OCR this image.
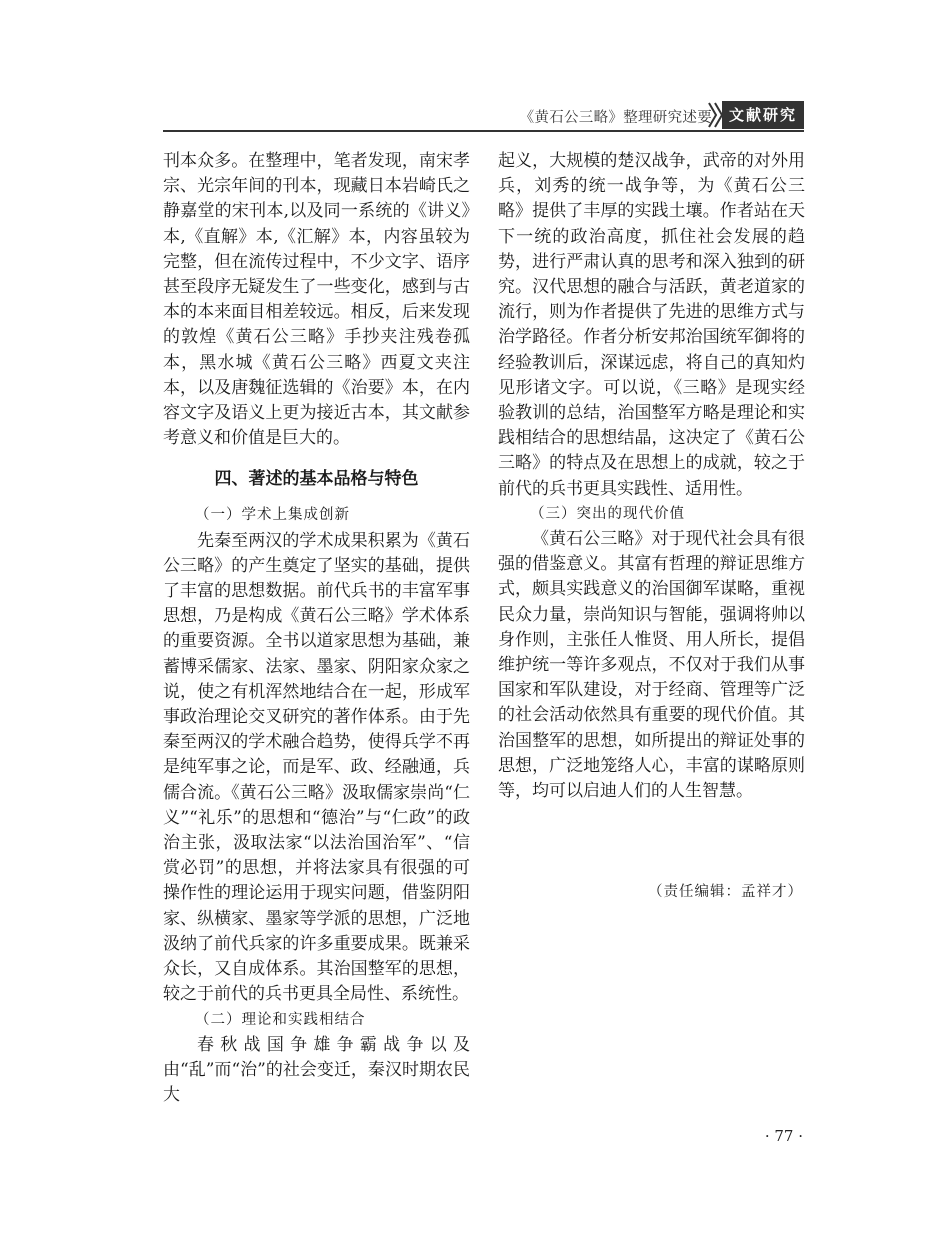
《黄石公三略》整理研究述要	文献研究

刊本众多。在整理中，笔者发现，南宋孝宗、光宗年间的刊本，现藏日本岩崎氏之静嘉堂的宋刊本,以及同一系统的《讲义》本,《直解》本,《汇解》本，内容虽较为完整，但在流传过程中，不少文字、语序甚至段序无疑发生了一些变化，感到与古本的本来面目相差较远。相反，后来发现的敦煌《黄石公三略》手抄夹注残卷孤本，黑水城《黄石公三略》西夏文夹注本，以及唐魏征选辑的《治要》本，在内容文字及语义上更为接近古本，其文献参考意义和价值是巨大的。

四、著述的基本品格与特色
（一）学术上集成创新

先秦至两汉的学术成果积累为《黄石公三略》的产生奠定了坚实的基础，提供了丰富的思想数据。前代兵书的丰富军事思想，乃是构成《黄石公三略》学术体系的重要资源。全书以道家思想为基础，兼蓄博采儒家、法家、墨家、阴阳家众家之说，使之有机浑然地结合在一起，形成军事政治理论交叉研究的著作体系。由于先秦至两汉的学术融合趋势，使得兵学不再是纯军事之论，而是军、政、经融通，兵儒合流。《黄石公三略》汲取儒家崇尚“仁义”“礼乐”的思想和“德治”与“仁政”的政治主张，汲取法家“以法治国治军”、“信赏必罚”的思想，并将法家具有很强的可操作性的理论运用于现实问题，借鉴阴阳家、纵横家、墨家等学派的思想，广泛地汲纳了前代兵家的许多重要成果。既兼采众长，又自成体系。其治国整军的思想，较之于前代的兵书更具全局性、系统性。

（二）理论和实践相结合

春秋战国争雄争霸战争以及由“乱”而“治”的社会变迁，秦汉时期农民大

起义，大规模的楚汉战争，武帝的对外用兵，刘秀的统一战争等，为《黄石公三略》提供了丰厚的实践土壤。作者站在天下一统的政治高度，抓住社会发展的趋势，进行严肃认真的思考和深入独到的研究。汉代思想的融合与活跃，黄老道家的流行，则为作者提供了先进的思维方式与治学路径。作者分析安邦治国统军御将的经验教训后，深谋远虑，将自己的真知灼见形诸文字。可以说，《三略》是现实经验教训的总结，治国整军方略是理论和实践相结合的思想结晶，这决定了《黄石公三略》的特点及在思想上的成就，较之于前代的兵书更具实践性、适用性。

（三）突出的现代价值

《黄石公三略》对于现代社会具有很强的借鉴意义。其富有哲理的辩证思维方式，颇具实践意义的治国御军谋略，重视民众力量，崇尚知识与智能，强调将帅以身作则，主张任人惟贤、用人所长，提倡维护统一等许多观点，不仅对于我们从事国家和军队建设，对于经商、管理等广泛的社会活动依然具有重要的现代价值。其治国整军的思想，如所提出的辩证处事的思想，广泛地笼络人心，丰富的谋略原则等，均可以启迪人们的人生智慧。

（责任编辑：孟祥才）
· 77 ·
